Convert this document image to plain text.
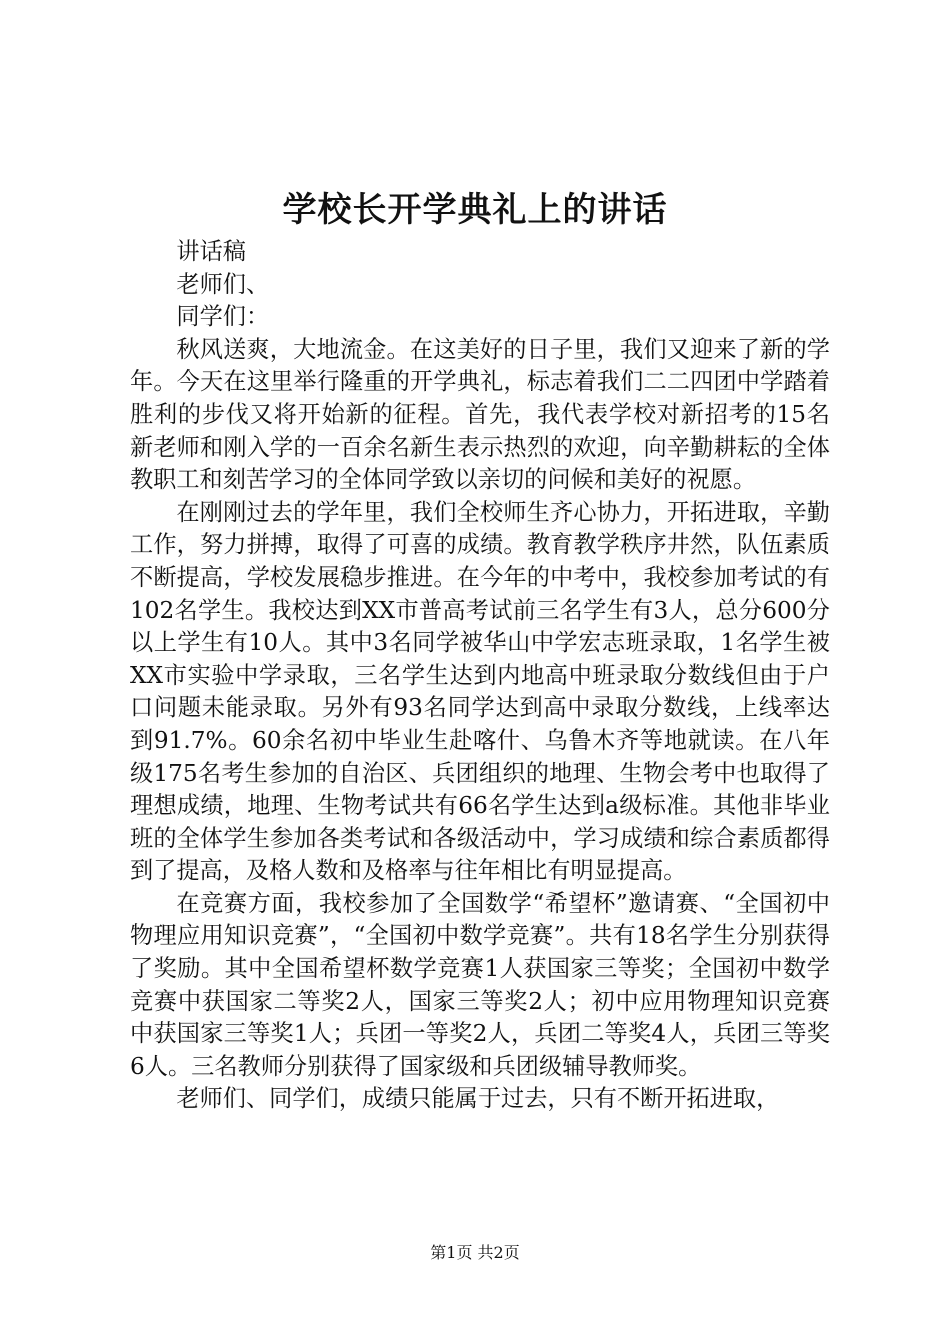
学校长开学典礼上的讲话

讲话稿

老师们、

同学们：

秋风送爽，大地流金。在这美好的日子里，我们又迎来了新的学年。今天在这里举行隆重的开学典礼，标志着我们二二四团中学踏着胜利的步伐又将开始新的征程。首先，我代表学校对新招考的15名新老师和刚入学的一百余名新生表示热烈的欢迎，向辛勤耕耘的全体教职工和刻苦学习的全体同学致以亲切的问候和美好的祝愿。

在刚刚过去的学年里，我们全校师生齐心协力，开拓进取，辛勤工作，努力拼搏，取得了可喜的成绩。教育教学秩序井然，队伍素质不断提高，学校发展稳步推进。在今年的中考中，我校参加考试的有102名学生。我校达到XX市普高考试前三名学生有3人，总分600分以上学生有10人。其中3名同学被华山中学宏志班录取，1名学生被XX市实验中学录取，三名学生达到内地高中班录取分数线但由于户口问题未能录取。另外有93名同学达到高中录取分数线，上线率达到91.7%。60余名初中毕业生赴喀什、乌鲁木齐等地就读。在八年级175名考生参加的自治区、兵团组织的地理、生物会考中也取得了理想成绩，地理、生物考试共有66名学生达到a级标准。其他非毕业班的全体学生参加各类考试和各级活动中，学习成绩和综合素质都得到了提高，及格人数和及格率与往年相比有明显提高。

在竞赛方面，我校参加了全国数学“希望杯”邀请赛、“全国初中物理应用知识竞赛”，“全国初中数学竞赛”。共有18名学生分别获得了奖励。其中全国希望杯数学竞赛1人获国家三等奖；全国初中数学竞赛中获国家二等奖2人，国家三等奖2人；初中应用物理知识竞赛中获国家三等奖1人；兵团一等奖2人，兵团二等奖4人，兵团三等奖6人。三名教师分别获得了国家级和兵团级辅导教师奖。

老师们、同学们，成绩只能属于过去，只有不断开拓进取，

第1页 共2页
